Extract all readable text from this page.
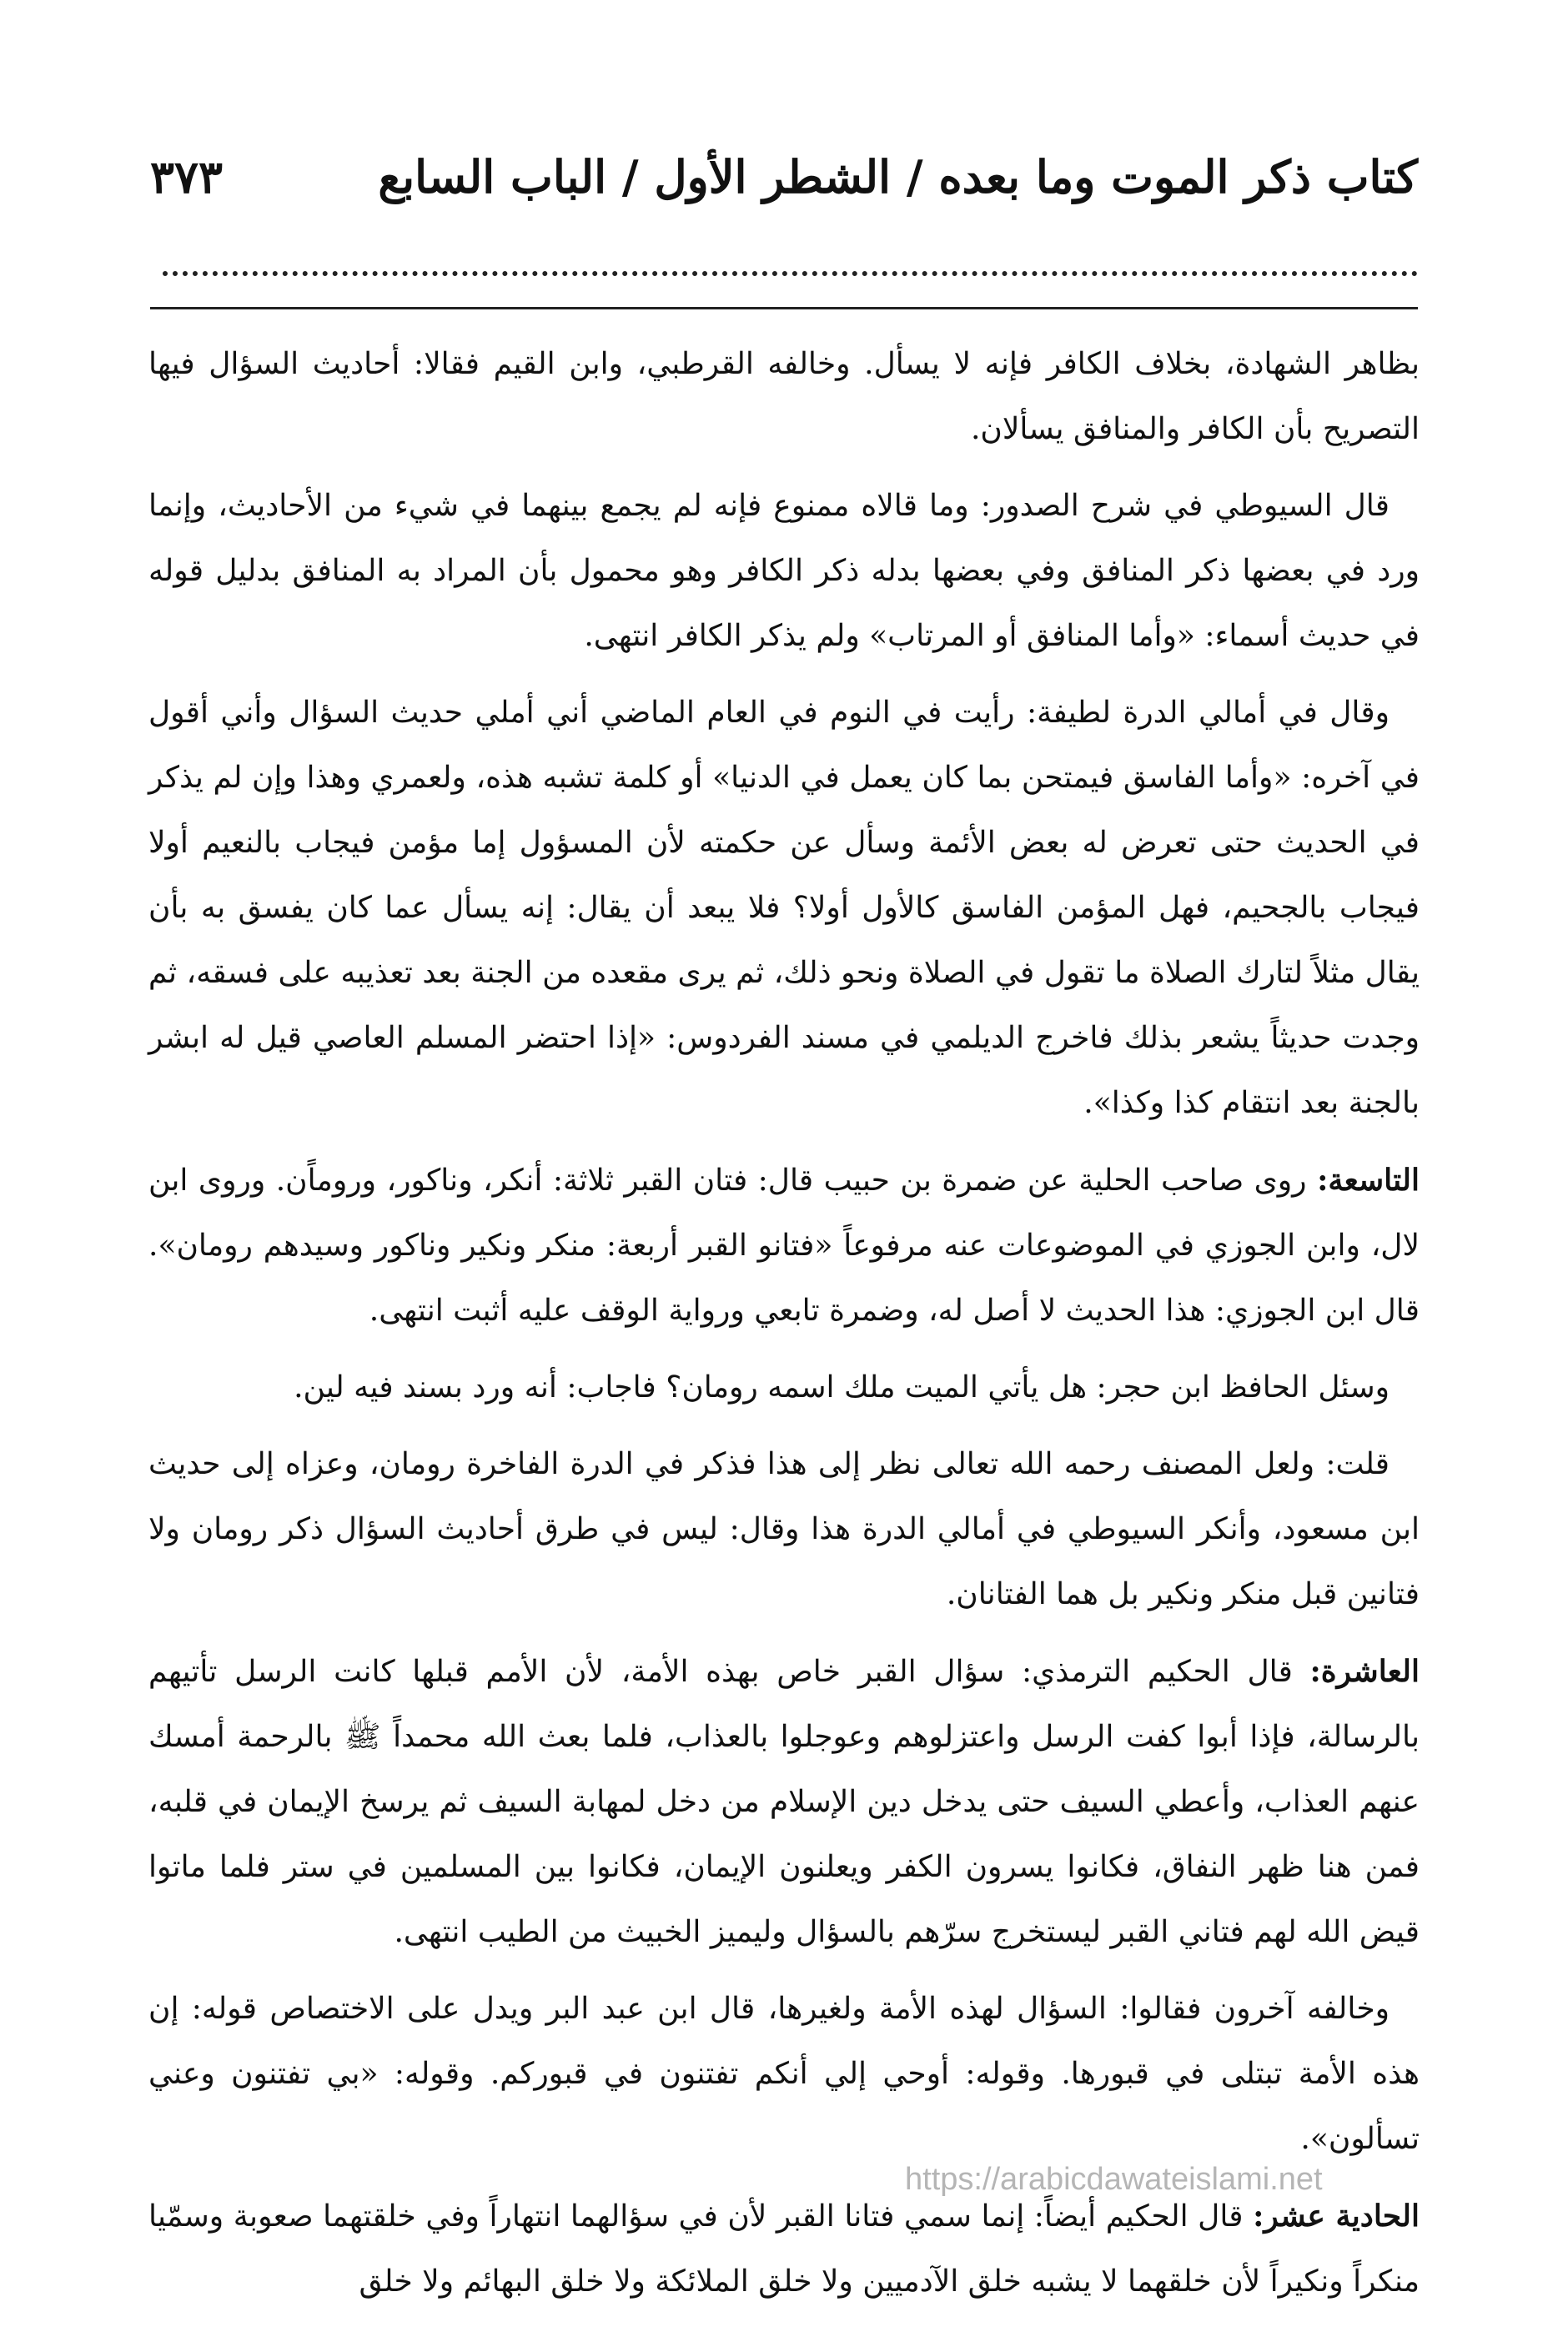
كتاب ذكر الموت وما بعده / الشطر الأول / الباب السابع
٣٧٣

بظاهر الشهادة، بخلاف الكافر فإنه لا يسأل. وخالفه القرطبي، وابن القيم فقالا: أحاديث السؤال فيها التصريح بأن الكافر والمنافق يسألان.

قال السيوطي في شرح الصدور: وما قالاه ممنوع فإنه لم يجمع بينهما في شيء من الأحاديث، وإنما ورد في بعضها ذكر المنافق وفي بعضها بدله ذكر الكافر وهو محمول بأن المراد به المنافق بدليل قوله في حديث أسماء: «وأما المنافق أو المرتاب» ولم يذكر الكافر انتهى.

وقال في أمالي الدرة لطيفة: رأيت في النوم في العام الماضي أني أملي حديث السؤال وأني أقول في آخره: «وأما الفاسق فيمتحن بما كان يعمل في الدنيا» أو كلمة تشبه هذه، ولعمري وهذا وإن لم يذكر في الحديث حتى تعرض له بعض الأئمة وسأل عن حكمته لأن المسؤول إما مؤمن فيجاب بالنعيم أولا فيجاب بالجحيم، فهل المؤمن الفاسق كالأول أولا؟ فلا يبعد أن يقال: إنه يسأل عما كان يفسق به بأن يقال مثلاً لتارك الصلاة ما تقول في الصلاة ونحو ذلك، ثم يرى مقعده من الجنة بعد تعذيبه على فسقه، ثم وجدت حديثاً يشعر بذلك فاخرج الديلمي في مسند الفردوس: «إذا احتضر المسلم العاصي قيل له ابشر بالجنة بعد انتقام كذا وكذا».

التاسعة: روى صاحب الحلية عن ضمرة بن حبيب قال: فتان القبر ثلاثة: أنكر، وناكور، وروماًن. وروى ابن لال، وابن الجوزي في الموضوعات عنه مرفوعاً «فتانو القبر أربعة: منكر ونكير وناكور وسيدهم رومان». قال ابن الجوزي: هذا الحديث لا أصل له، وضمرة تابعي ورواية الوقف عليه أثبت انتهى.

وسئل الحافظ ابن حجر: هل يأتي الميت ملك اسمه رومان؟ فاجاب: أنه ورد بسند فيه لين.

قلت: ولعل المصنف رحمه الله تعالى نظر إلى هذا فذكر في الدرة الفاخرة رومان، وعزاه إلى حديث ابن مسعود، وأنكر السيوطي في أمالي الدرة هذا وقال: ليس في طرق أحاديث السؤال ذكر رومان ولا فتانين قبل منكر ونكير بل هما الفتانان.

العاشرة: قال الحكيم الترمذي: سؤال القبر خاص بهذه الأمة، لأن الأمم قبلها كانت الرسل تأتيهم بالرسالة، فإذا أبوا كفت الرسل واعتزلوهم وعوجلوا بالعذاب، فلما بعث الله محمداً ﷺ بالرحمة أمسك عنهم العذاب، وأعطي السيف حتى يدخل دين الإسلام من دخل لمهابة السيف ثم يرسخ الإيمان في قلبه، فمن هنا ظهر النفاق، فكانوا يسرون الكفر ويعلنون الإيمان، فكانوا بين المسلمين في ستر فلما ماتوا قيض الله لهم فتاني القبر ليستخرج سرّهم بالسؤال وليميز الخبيث من الطيب انتهى.

وخالفه آخرون فقالوا: السؤال لهذه الأمة ولغيرها، قال ابن عبد البر ويدل على الاختصاص قوله: إن هذه الأمة تبتلى في قبورها. وقوله: أوحي إلي أنكم تفتنون في قبوركم. وقوله: «بي تفتنون وعني تسألون».

الحادية عشر: قال الحكيم أيضاً: إنما سمي فتانا القبر لأن في سؤالهما انتهاراً وفي خلقتهما صعوبة وسمّيا منكراً ونكيراً لأن خلقهما لا يشبه خلق الآدميين ولا خلق الملائكة ولا خلق البهائم ولا خلق

https://arabicdawateislami.net
